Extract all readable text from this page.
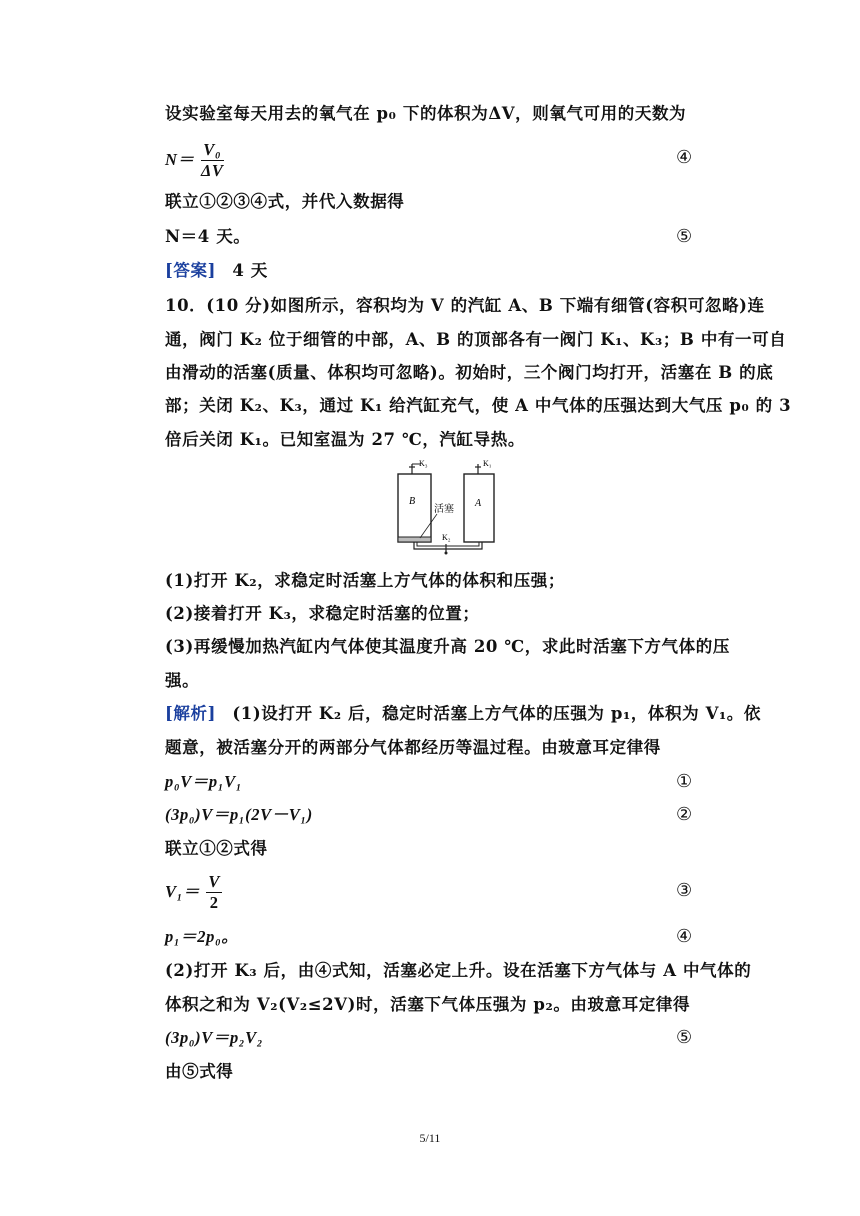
设实验室每天用去的氧气在 p₀ 下的体积为ΔV，则氧气可用的天数为
$N= \frac{\text{V₀}}{\Delta V}$	④
联立①②③④式，并代入数据得
N＝4 天。	⑤
[答案] 4 天
10．(10 分)如图所示，容积均为 V 的汽缸 A、B 下端有细管(容积可忽略)连
通，阀门 K₂ 位于细管的中部，A、B 的顶部各有一阀门 K₁、K₃；B 中有一可自
由滑动的活塞(质量、体积均可忽略)。初始时，三个阀门均打开，活塞在 B 的底
部；关闭 K₂、K₃，通过 K₁ 给汽缸充气，使 A 中气体的压强达到大气压 p₀ 的 3
倍后关闭 K₁。已知室温为 27 ℃，汽缸导热。
K₃	K₁
K₂
B	A
活塞
(1)打开 K₂，求稳定时活塞上方气体的体积和压强；
(2)接着打开 K₃，求稳定时活塞的位置；
(3)再缓慢加热汽缸内气体使其温度升高 20 ℃，求此时活塞下方气体的压
强。
[解析] (1)设打开 K₂ 后，稳定时活塞上方气体的压强为 p₁，体积为 V₁。依
题意，被活塞分开的两部分气体都经历等温过程。由玻意耳定律得
p₀V＝p₁V₁	①
(3p₀)V＝p₁(2V－V₁)	②
联立①②式得
$V_1= \frac{V}{2}$	③
p₁＝2p₀。	④
(2)打开 K₃ 后，由④式知，活塞必定上升。设在活塞下方气体与 A 中气体的
体积之和为 V₂(V₂≤2V)时，活塞下气体压强为 p₂。由玻意耳定律得
(3p₀)V＝p₂V₂	⑤
由⑤式得
5/11
